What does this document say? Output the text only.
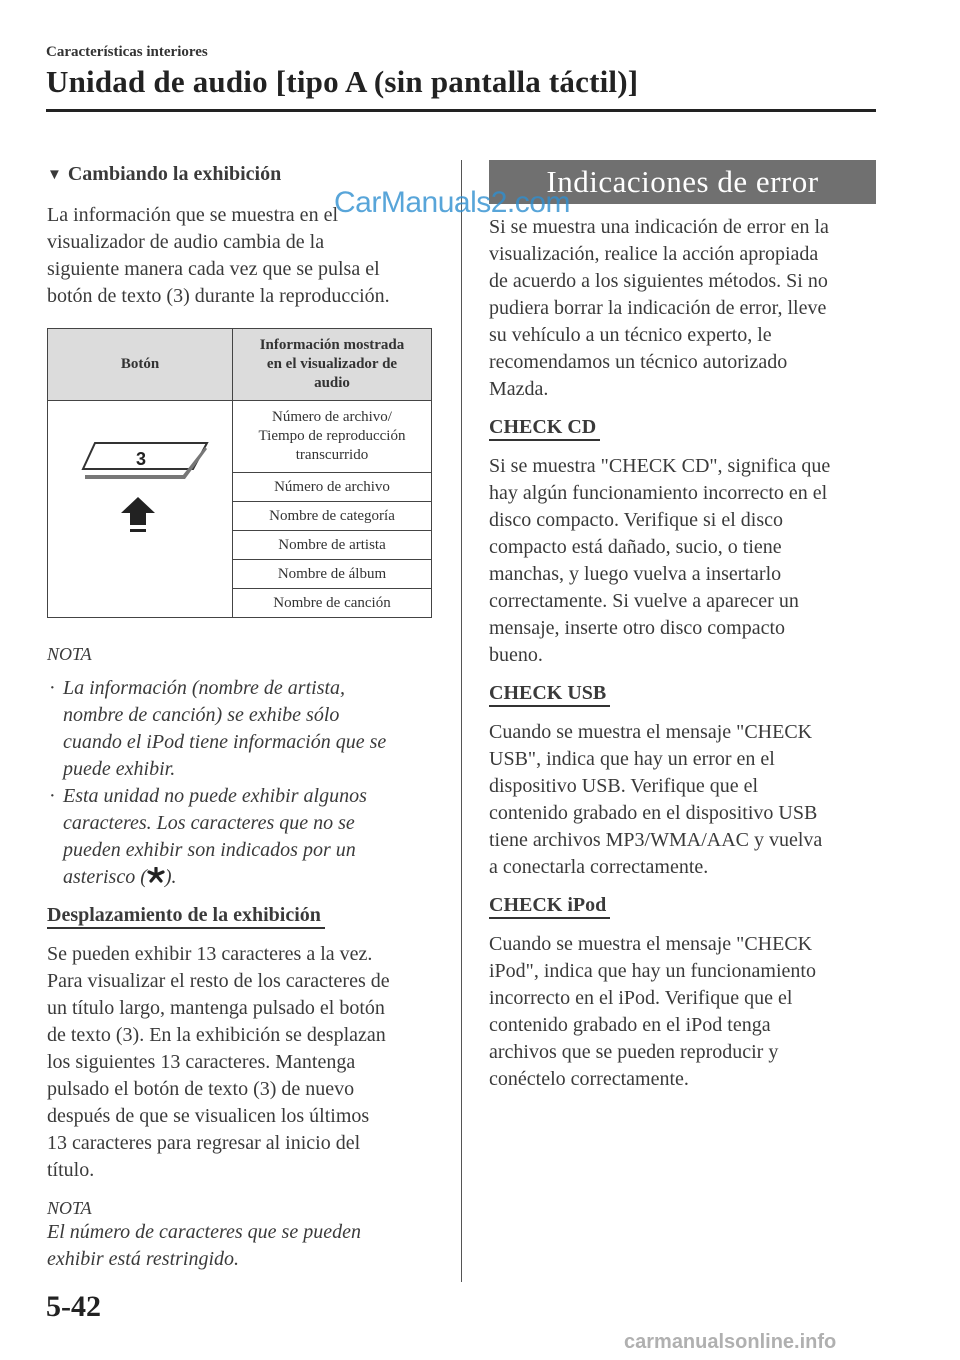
Características interiores
Unidad de audio [tipo A (sin pantalla táctil)]
▼ Cambiando la exhibición
La información que se muestra en el
visualizador de audio cambia de la
siguiente manera cada vez que se pulsa el
botón de texto (3) durante la reproducción.
Botón	Información mostrada
en el visualizador de
audio

3	Número de archivo/
Tiempo de reproducción
transcurrido

	Número de archivo
	Nombre de categoría
	Nombre de artista
	Nombre de álbum
	Nombre de canción
NOTA
· La información (nombre de artista,
nombre de canción) se exhibe sólo
cuando el iPod tiene información que se
puede exhibir.
· Esta unidad no puede exhibir algunos
caracteres. Los caracteres que no se
pueden exhibir son indicados por un
asterisco ( ).
Desplazamiento de la exhibición
Se pueden exhibir 13 caracteres a la vez.
Para visualizar el resto de los caracteres de
un título largo, mantenga pulsado el botón
de texto (3). En la exhibición se desplazan
los siguientes 13 caracteres. Mantenga
pulsado el botón de texto (3) de nuevo
después de que se visualicen los últimos
13 caracteres para regresar al inicio del
título.
NOTA
El número de caracteres que se pueden
exhibir está restringido.
Indicaciones de error
Si se muestra una indicación de error en la
visualización, realice la acción apropiada
de acuerdo a los siguientes métodos. Si no
pudiera borrar la indicación de error, lleve
su vehículo a un técnico experto, le
recomendamos un técnico autorizado
Mazda.
CHECK CD
Si se muestra "CHECK CD", significa que
hay algún funcionamiento incorrecto en el
disco compacto. Verifique si el disco
compacto está dañado, sucio, o tiene
manchas, y luego vuelva a insertarlo
correctamente. Si vuelve a aparecer un
mensaje, inserte otro disco compacto
bueno.
CHECK USB
Cuando se muestra el mensaje "CHECK
USB", indica que hay un error en el
dispositivo USB. Verifique que el
contenido grabado en el dispositivo USB
tiene archivos MP3/WMA/AAC y vuelva
a conectarla correctamente.
CHECK iPod
Cuando se muestra el mensaje "CHECK
iPod", indica que hay un funcionamiento
incorrecto en el iPod. Verifique que el
contenido grabado en el iPod tenga
archivos que se pueden reproducir y
conéctelo correctamente.
CarManuals2.com
5-42
carmanualsonline.info
